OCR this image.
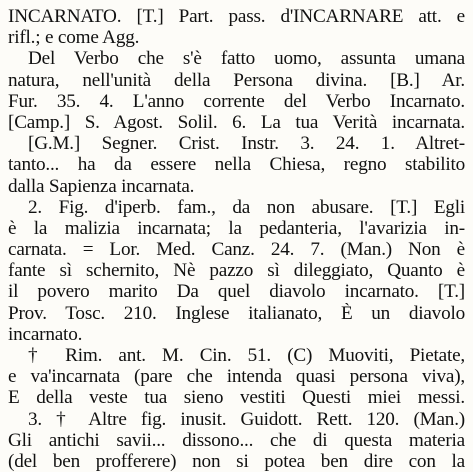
INCARNATO. [T.] Part. pass. d'INCARNARE att. e
rifl.; e come Agg.
Del Verbo che s'è fatto uomo, assunta umana
natura, nell'unità della Persona divina. [B.] Ar.
Fur. 35. 4. L'anno corrente del Verbo Incarnato.
[Camp.] S. Agost. Solil. 6. La tua Verità incarnata.
[G.M.] Segner. Crist. Instr. 3. 24. 1. Altret-
tanto... ha da essere nella Chiesa, regno stabilito
dalla Sapienza incarnata.
2. Fig. d'iperb. fam., da non abusare. [T.] Egli
è la malizia incarnata; la pedanteria, l'avarizia in-
carnata. = Lor. Med. Canz. 24. 7. (Man.) Non è
fante sì schernito, Nè pazzo sì dileggiato, Quanto è
il povero marito Da quel diavolo incarnato. [T.]
Prov. Tosc. 210. Inglese italianato, È un diavolo
incarnato.
† Rim. ant. M. Cin. 51. (C) Muoviti, Pietate,
e va'incarnata (pare che intenda quasi persona viva),
E della veste tua sieno vestiti Questi miei messi.
3. † Altre fig. inusit. Guidott. Rett. 120. (Man.)
Gli antichi savii... dissono... che di questa materia
(del ben profferere) non si potea ben dire con la
